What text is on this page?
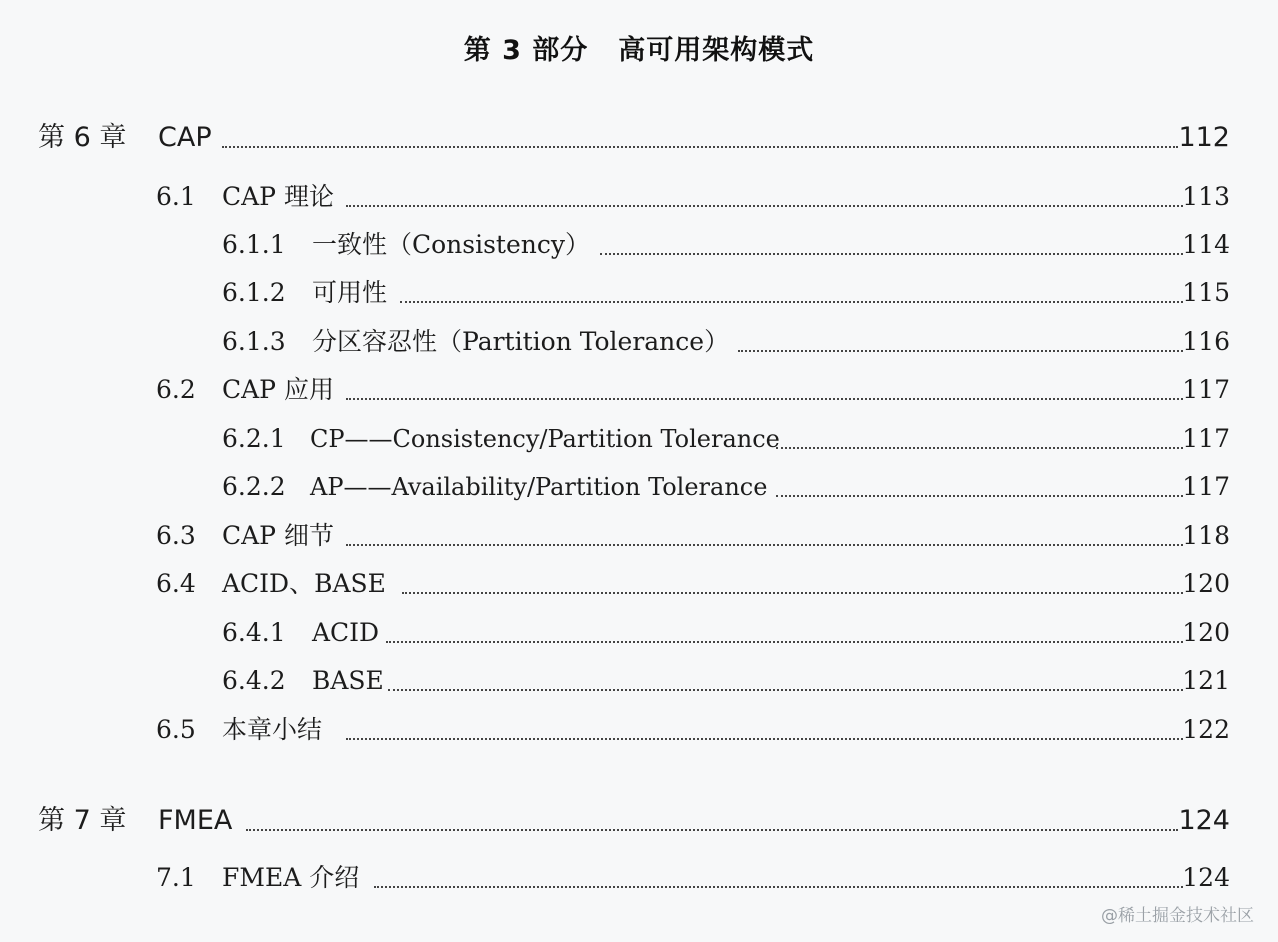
第 3 部分 高可用架构模式
第 6 章 CAP	112
6.1 CAP 理论	113
6.1.1 一致性（Consistency）	114
6.1.2 可用性	115
6.1.3 分区容忍性（Partition Tolerance）	116
6.2 CAP 应用	117
6.2.1 CP——Consistency/Partition Tolerance	117
6.2.2 AP——Availability/Partition Tolerance	117
6.3 CAP 细节	118
6.4 ACID、BASE	120
6.4.1 ACID	120
6.4.2 BASE	121
6.5 本章小结	122
第 7 章 FMEA	124
7.1 FMEA 介绍	124
@稀土掘金技术社区
